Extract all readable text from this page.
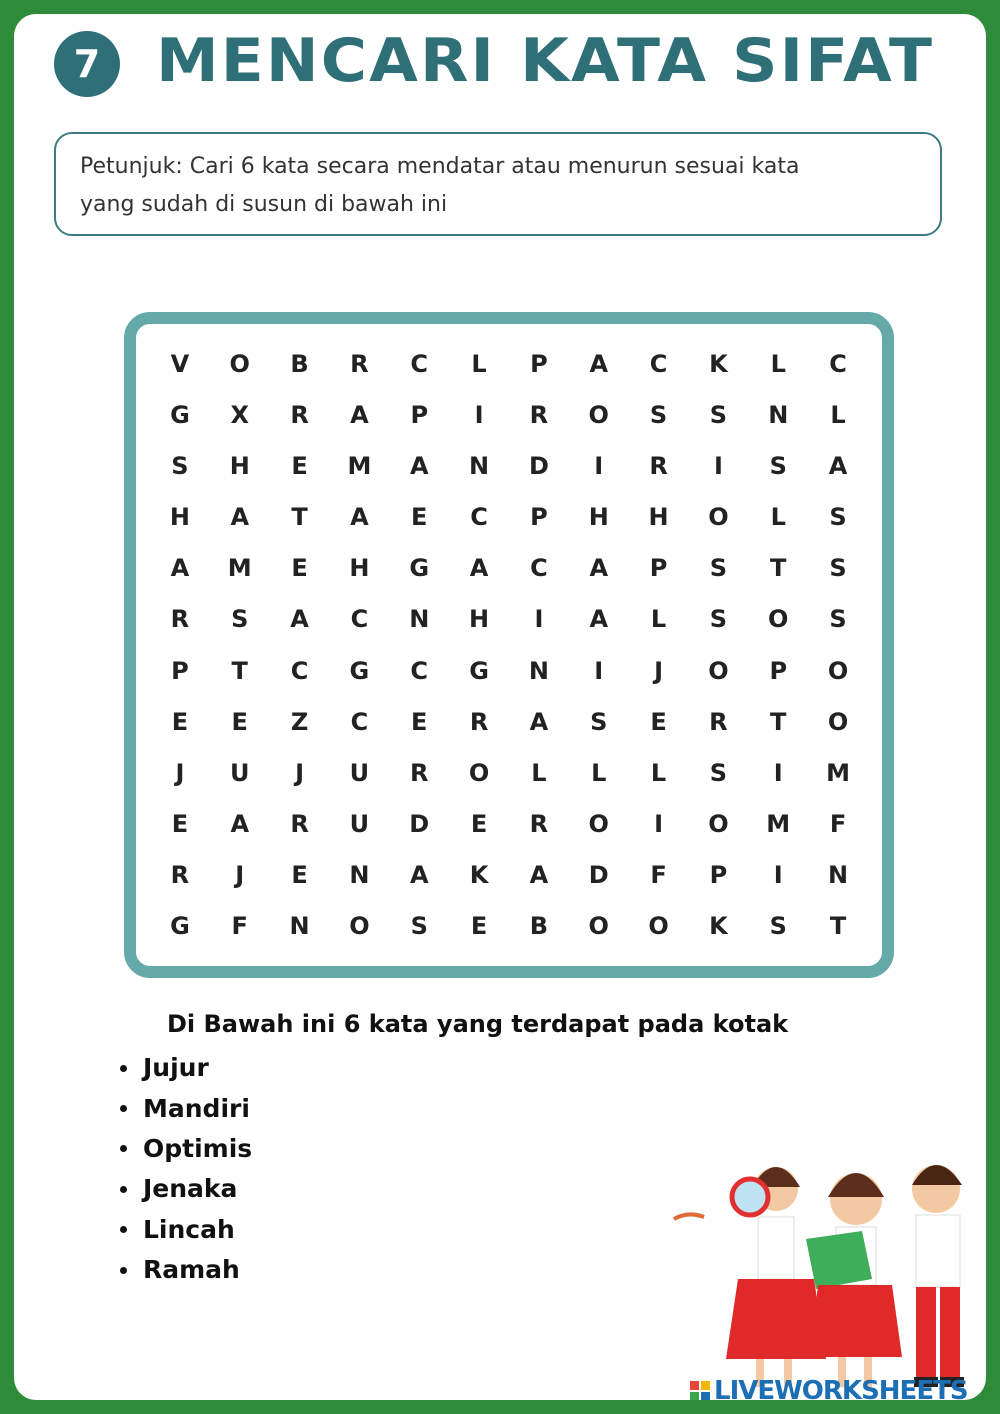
7 MENCARI KATA SIFAT
Petunjuk: Cari 6 kata secara mendatar atau menurun sesuai kata
yang sudah di susun di bawah ini
V	O	B	R	C	L	P	A	C	K	L	C
G	X	R	A	P	I	R	O	S	S	N	L
S	H	E	M	A	N	D	I	R	I	S	A
H	A	T	A	E	C	P	H	H	O	L	S
A	M	E	H	G	A	C	A	P	S	T	S
R	S	A	C	N	H	I	A	L	S	O	S
P	T	C	G	C	G	N	I	J	O	P	O
E	E	Z	C	E	R	A	S	E	R	T	O
J	U	J	U	R	O	L	L	L	S	I	M
E	A	R	U	D	E	R	O	I	O	M	F
R	J	E	N	A	K	A	D	F	P	I	N
G	F	N	O	S	E	B	O	O	K	S	T
Di Bawah ini 6 kata yang terdapat pada kotak
Jujur
Mandiri
Optimis
Jenaka
Lincah
Ramah
LIVEWORKSHEETS
